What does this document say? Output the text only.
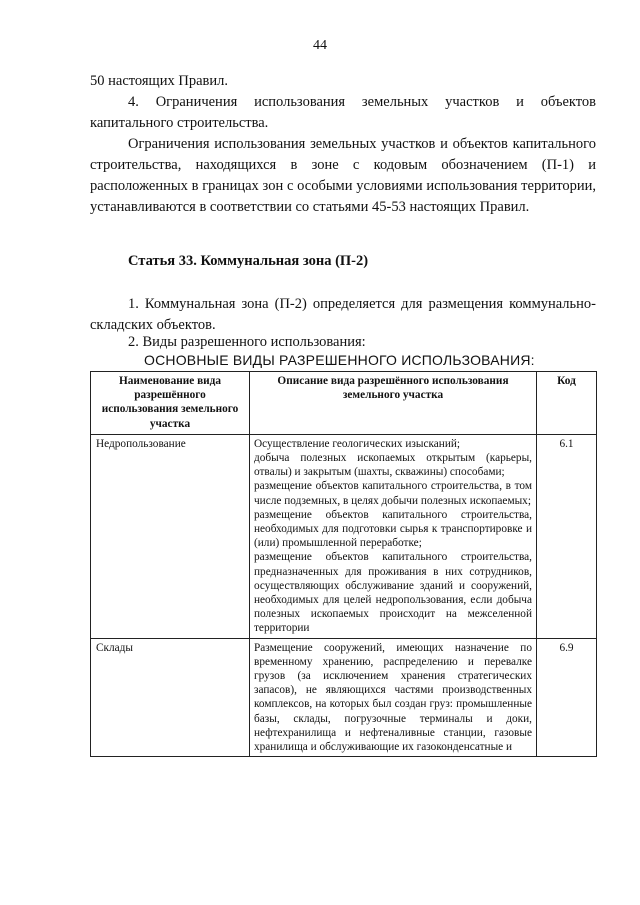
44

50 настоящих Правил.

4. Ограничения использования земельных участков и объектов капитального строительства.

Ограничения использования земельных участков и объектов капитального строительства, находящихся в зоне с кодовым обозначением (П-1) и расположенных в границах зон с особыми условиями использования территории, устанавливаются в соответствии со статьями 45-53 настоящих Правил.

Статья 33. Коммунальная зона (П-2)

1. Коммунальная зона (П-2) определяется для размещения коммунально-складских объектов.

2. Виды разрешенного использования:

ОСНОВНЫЕ ВИДЫ РАЗРЕШЕННОГО ИСПОЛЬЗОВАНИЯ:

Наименование вида разрешённого использования земельного участка	Описание вида разрешённого использования земельного участка	Код
Недропользование	Осуществление геологических изысканий;
добыча полезных ископаемых открытым (карьеры, отвалы) и закрытым (шахты, скважины) способами;
размещение объектов капитального строительства, в том числе подземных, в целях добычи полезных ископаемых;
размещение объектов капитального строительства, необходимых для подготовки сырья к транспортировке и (или) промышленной переработке;
размещение объектов капитального строительства, предназначенных для проживания в них сотрудников, осуществляющих обслуживание зданий и сооружений, необходимых для целей недропользования, если добыча полезных ископаемых происходит на межселенной территории	6.1
Склады	Размещение сооружений, имеющих назначение по временному хранению, распределению и перевалке грузов (за исключением хранения стратегических запасов), не являющихся частями производственных комплексов, на которых был создан груз: промышленные базы, склады, погрузочные терминалы и доки, нефтехранилища и нефтеналивные станции, газовые хранилища и обслуживающие их газоконденсатные и	6.9
